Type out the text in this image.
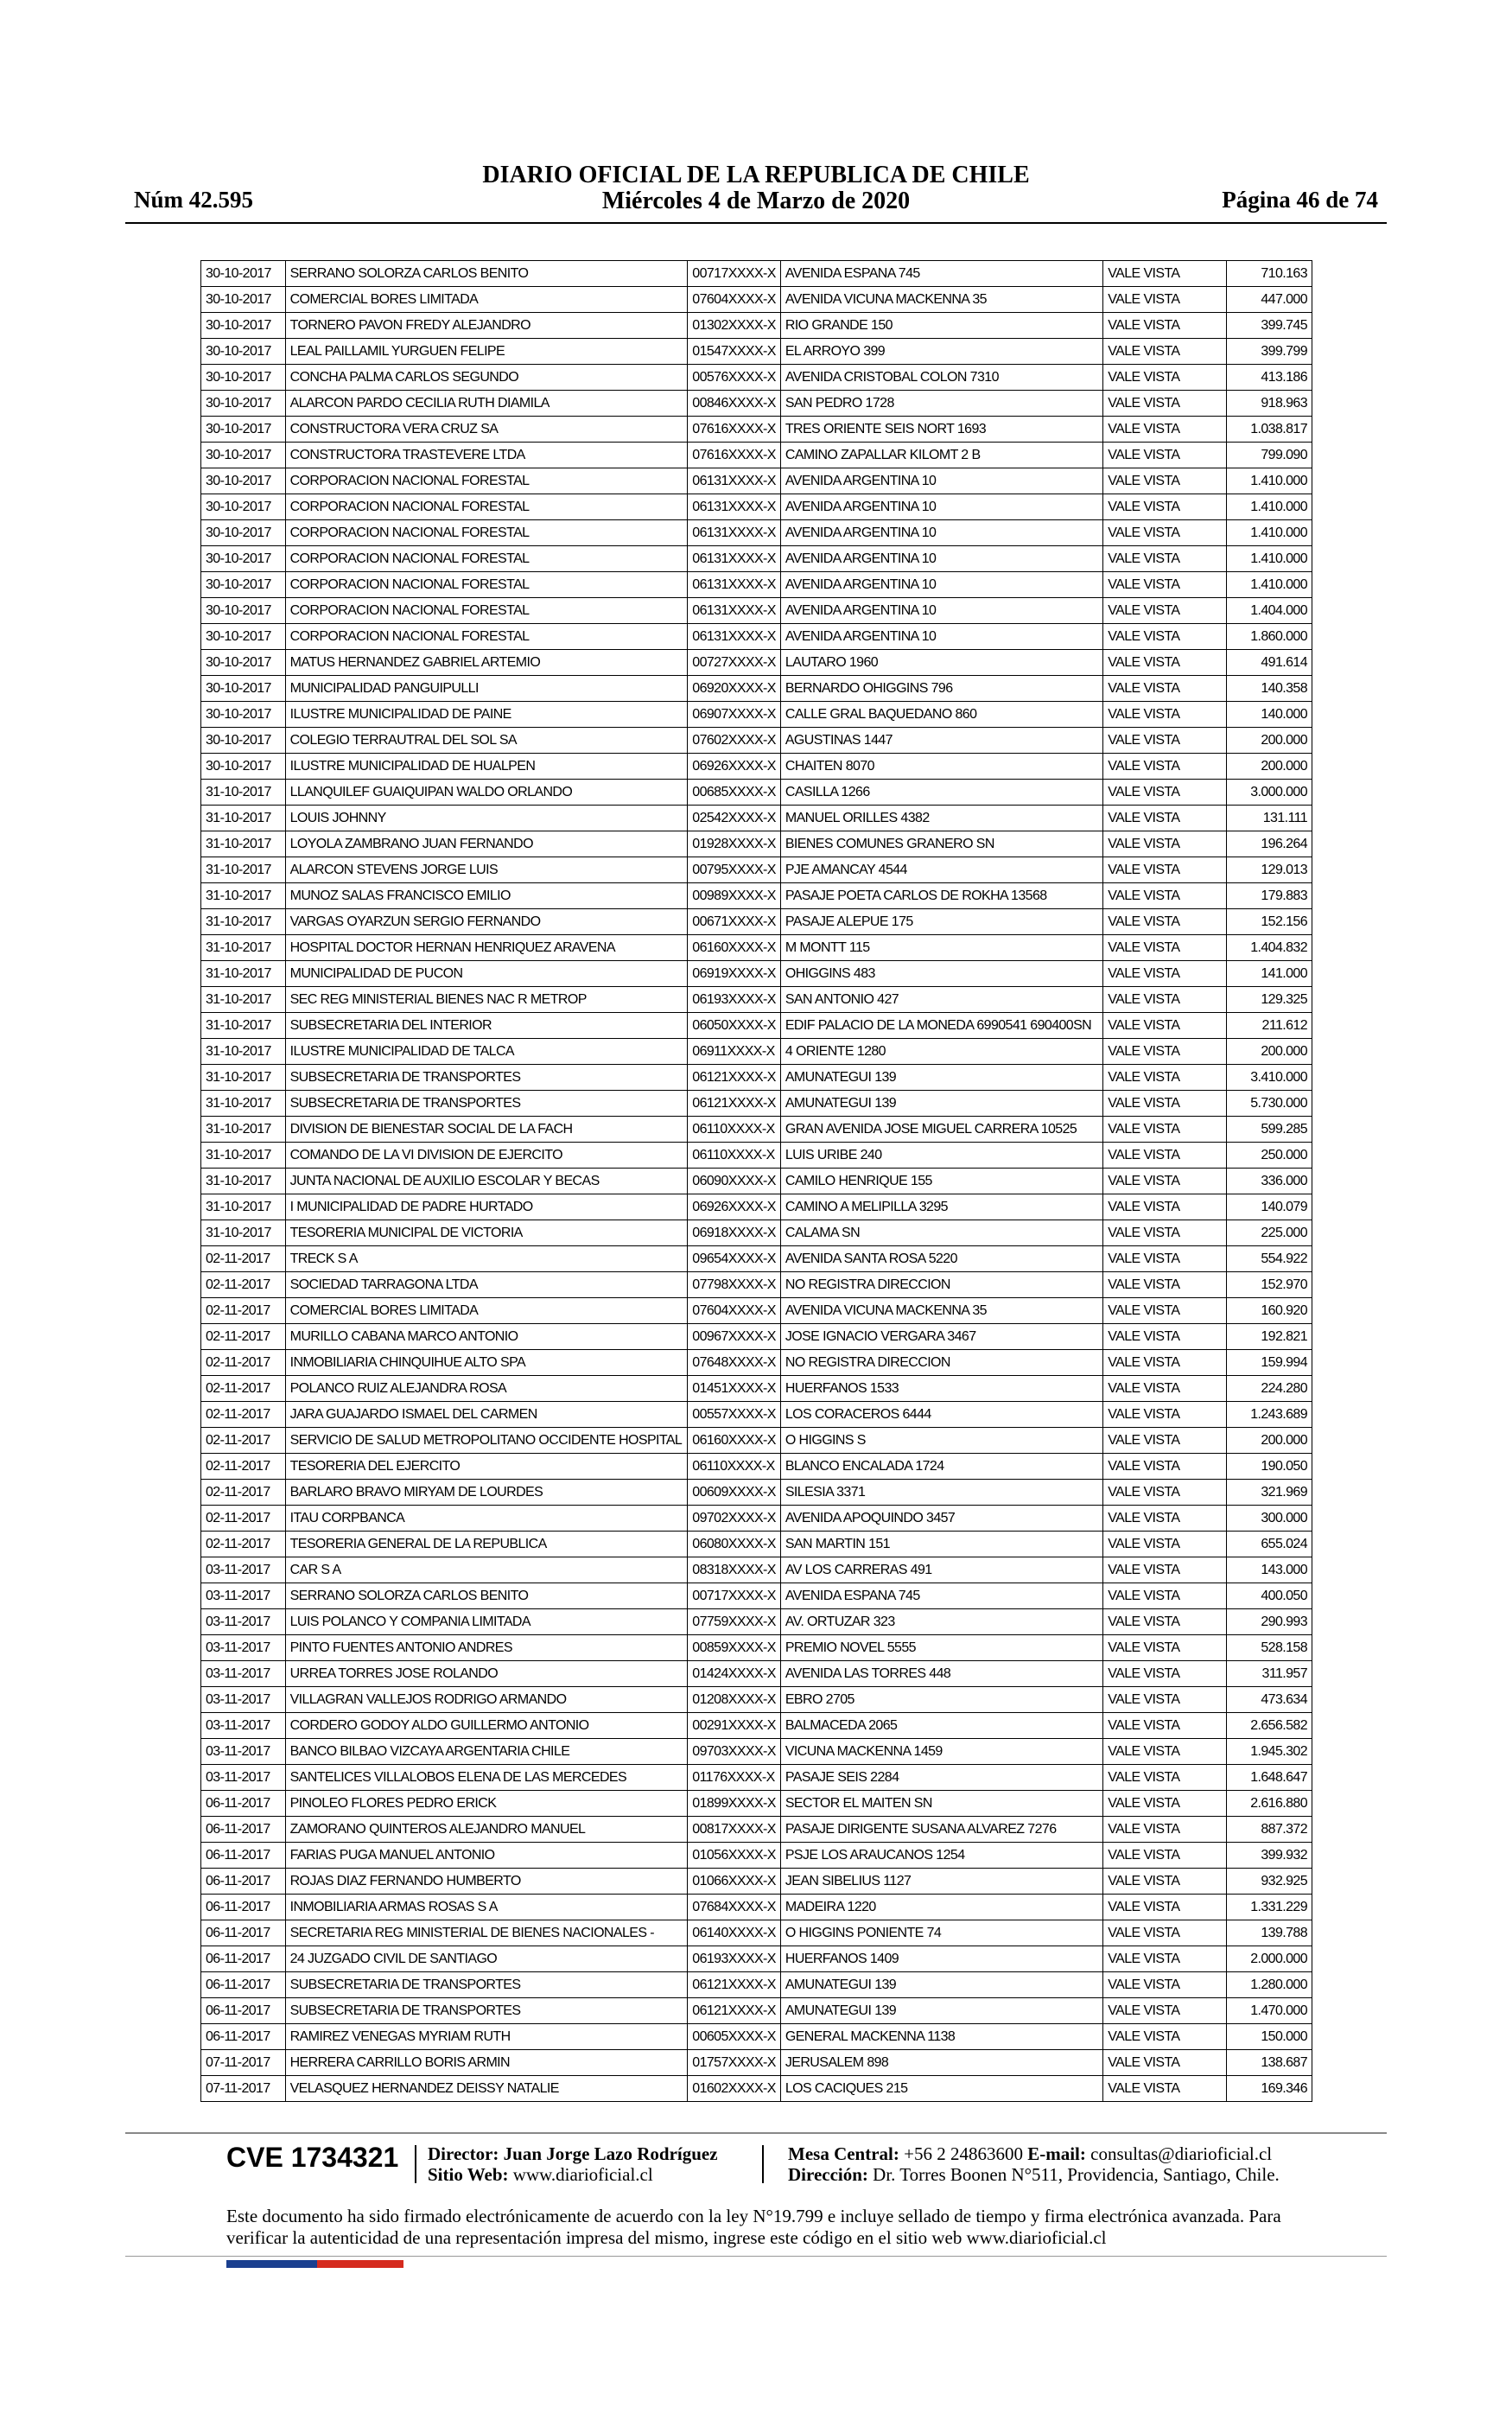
Núm 42.595
DIARIO OFICIAL DE LA REPUBLICA DE CHILE
Miércoles 4 de Marzo de 2020	Página 46 de 74
30-10-2017	SERRANO SOLORZA CARLOS BENITO	00717XXXX-X	AVENIDA ESPANA 745	VALE VISTA	710.163
30-10-2017	COMERCIAL BORES LIMITADA	07604XXXX-X	AVENIDA VICUNA MACKENNA 35	VALE VISTA	447.000
30-10-2017	TORNERO PAVON FREDY ALEJANDRO	01302XXXX-X	RIO GRANDE 150	VALE VISTA	399.745
30-10-2017	LEAL PAILLAMIL YURGUEN FELIPE	01547XXXX-X	EL ARROYO 399	VALE VISTA	399.799
30-10-2017	CONCHA PALMA CARLOS SEGUNDO	00576XXXX-X	AVENIDA CRISTOBAL COLON 7310	VALE VISTA	413.186
30-10-2017	ALARCON PARDO CECILIA RUTH DIAMILA	00846XXXX-X	SAN PEDRO 1728	VALE VISTA	918.963
30-10-2017	CONSTRUCTORA VERA CRUZ SA	07616XXXX-X	TRES ORIENTE SEIS NORT 1693	VALE VISTA	1.038.817
30-10-2017	CONSTRUCTORA TRASTEVERE LTDA	07616XXXX-X	CAMINO ZAPALLAR KILOMT 2 B	VALE VISTA	799.090
30-10-2017	CORPORACION NACIONAL FORESTAL	06131XXXX-X	AVENIDA ARGENTINA 10	VALE VISTA	1.410.000
30-10-2017	CORPORACION NACIONAL FORESTAL	06131XXXX-X	AVENIDA ARGENTINA 10	VALE VISTA	1.410.000
30-10-2017	CORPORACION NACIONAL FORESTAL	06131XXXX-X	AVENIDA ARGENTINA 10	VALE VISTA	1.410.000
30-10-2017	CORPORACION NACIONAL FORESTAL	06131XXXX-X	AVENIDA ARGENTINA 10	VALE VISTA	1.410.000
30-10-2017	CORPORACION NACIONAL FORESTAL	06131XXXX-X	AVENIDA ARGENTINA 10	VALE VISTA	1.410.000
30-10-2017	CORPORACION NACIONAL FORESTAL	06131XXXX-X	AVENIDA ARGENTINA 10	VALE VISTA	1.404.000
30-10-2017	CORPORACION NACIONAL FORESTAL	06131XXXX-X	AVENIDA ARGENTINA 10	VALE VISTA	1.860.000
30-10-2017	MATUS HERNANDEZ GABRIEL ARTEMIO	00727XXXX-X	LAUTARO 1960	VALE VISTA	491.614
30-10-2017	MUNICIPALIDAD PANGUIPULLI	06920XXXX-X	BERNARDO OHIGGINS 796	VALE VISTA	140.358
30-10-2017	ILUSTRE MUNICIPALIDAD DE PAINE	06907XXXX-X	CALLE GRAL BAQUEDANO 860	VALE VISTA	140.000
30-10-2017	COLEGIO TERRAUTRAL DEL SOL SA	07602XXXX-X	AGUSTINAS 1447	VALE VISTA	200.000
30-10-2017	ILUSTRE MUNICIPALIDAD DE HUALPEN	06926XXXX-X	CHAITEN 8070	VALE VISTA	200.000
31-10-2017	LLANQUILEF GUAIQUIPAN WALDO ORLANDO	00685XXXX-X	CASILLA 1266	VALE VISTA	3.000.000
31-10-2017	LOUIS JOHNNY	02542XXXX-X	MANUEL ORILLES 4382	VALE VISTA	131.111
31-10-2017	LOYOLA ZAMBRANO JUAN FERNANDO	01928XXXX-X	BIENES COMUNES GRANERO SN	VALE VISTA	196.264
31-10-2017	ALARCON STEVENS JORGE LUIS	00795XXXX-X	PJE AMANCAY 4544	VALE VISTA	129.013
31-10-2017	MUNOZ SALAS FRANCISCO EMILIO	00989XXXX-X	PASAJE POETA CARLOS DE ROKHA 13568	VALE VISTA	179.883
31-10-2017	VARGAS OYARZUN SERGIO FERNANDO	00671XXXX-X	PASAJE ALEPUE 175	VALE VISTA	152.156
31-10-2017	HOSPITAL DOCTOR HERNAN HENRIQUEZ ARAVENA	06160XXXX-X	M MONTT 115	VALE VISTA	1.404.832
31-10-2017	MUNICIPALIDAD DE PUCON	06919XXXX-X	OHIGGINS 483	VALE VISTA	141.000
31-10-2017	SEC REG MINISTERIAL BIENES NAC R METROP	06193XXXX-X	SAN ANTONIO 427	VALE VISTA	129.325
31-10-2017	SUBSECRETARIA DEL INTERIOR	06050XXXX-X	EDIF PALACIO DE LA MONEDA 6990541 690400SN	VALE VISTA	211.612
31-10-2017	ILUSTRE MUNICIPALIDAD DE TALCA	06911XXXX-X	4 ORIENTE 1280	VALE VISTA	200.000
31-10-2017	SUBSECRETARIA DE TRANSPORTES	06121XXXX-X	AMUNATEGUI 139	VALE VISTA	3.410.000
31-10-2017	SUBSECRETARIA DE TRANSPORTES	06121XXXX-X	AMUNATEGUI 139	VALE VISTA	5.730.000
31-10-2017	DIVISION DE BIENESTAR SOCIAL DE LA FACH	06110XXXX-X	GRAN AVENIDA JOSE MIGUEL CARRERA 10525	VALE VISTA	599.285
31-10-2017	COMANDO DE LA VI DIVISION DE EJERCITO	06110XXXX-X	LUIS URIBE 240	VALE VISTA	250.000
31-10-2017	JUNTA NACIONAL DE AUXILIO ESCOLAR Y BECAS	06090XXXX-X	CAMILO HENRIQUE 155	VALE VISTA	336.000
31-10-2017	I MUNICIPALIDAD DE PADRE HURTADO	06926XXXX-X	CAMINO A MELIPILLA 3295	VALE VISTA	140.079
31-10-2017	TESORERIA MUNICIPAL DE VICTORIA	06918XXXX-X	CALAMA SN	VALE VISTA	225.000
02-11-2017	TRECK S A	09654XXXX-X	AVENIDA SANTA ROSA 5220	VALE VISTA	554.922
02-11-2017	SOCIEDAD TARRAGONA LTDA	07798XXXX-X	NO REGISTRA DIRECCION	VALE VISTA	152.970
02-11-2017	COMERCIAL BORES LIMITADA	07604XXXX-X	AVENIDA VICUNA MACKENNA 35	VALE VISTA	160.920
02-11-2017	MURILLO CABANA MARCO ANTONIO	00967XXXX-X	JOSE IGNACIO VERGARA 3467	VALE VISTA	192.821
02-11-2017	INMOBILIARIA CHINQUIHUE ALTO SPA	07648XXXX-X	NO REGISTRA DIRECCION	VALE VISTA	159.994
02-11-2017	POLANCO RUIZ ALEJANDRA ROSA	01451XXXX-X	HUERFANOS 1533	VALE VISTA	224.280
02-11-2017	JARA GUAJARDO ISMAEL DEL CARMEN	00557XXXX-X	LOS CORACEROS 6444	VALE VISTA	1.243.689
02-11-2017	SERVICIO DE SALUD METROPOLITANO OCCIDENTE HOSPITAL	06160XXXX-X	O HIGGINS S	VALE VISTA	200.000
02-11-2017	TESORERIA DEL EJERCITO	06110XXXX-X	BLANCO ENCALADA 1724	VALE VISTA	190.050
02-11-2017	BARLARO BRAVO MIRYAM DE LOURDES	00609XXXX-X	SILESIA 3371	VALE VISTA	321.969
02-11-2017	ITAU CORPBANCA	09702XXXX-X	AVENIDA APOQUINDO 3457	VALE VISTA	300.000
02-11-2017	TESORERIA GENERAL DE LA REPUBLICA	06080XXXX-X	SAN MARTIN 151	VALE VISTA	655.024
03-11-2017	CAR S A	08318XXXX-X	AV LOS CARRERAS 491	VALE VISTA	143.000
03-11-2017	SERRANO SOLORZA CARLOS BENITO	00717XXXX-X	AVENIDA ESPANA 745	VALE VISTA	400.050
03-11-2017	LUIS POLANCO Y COMPANIA LIMITADA	07759XXXX-X	AV. ORTUZAR 323	VALE VISTA	290.993
03-11-2017	PINTO FUENTES ANTONIO ANDRES	00859XXXX-X	PREMIO NOVEL 5555	VALE VISTA	528.158
03-11-2017	URREA TORRES JOSE ROLANDO	01424XXXX-X	AVENIDA LAS TORRES 448	VALE VISTA	311.957
03-11-2017	VILLAGRAN VALLEJOS RODRIGO ARMANDO	01208XXXX-X	EBRO 2705	VALE VISTA	473.634
03-11-2017	CORDERO GODOY ALDO GUILLERMO ANTONIO	00291XXXX-X	BALMACEDA 2065	VALE VISTA	2.656.582
03-11-2017	BANCO BILBAO VIZCAYA ARGENTARIA CHILE	09703XXXX-X	VICUNA MACKENNA 1459	VALE VISTA	1.945.302
03-11-2017	SANTELICES VILLALOBOS ELENA DE LAS MERCEDES	01176XXXX-X	PASAJE SEIS 2284	VALE VISTA	1.648.647
06-11-2017	PINOLEO FLORES PEDRO ERICK	01899XXXX-X	SECTOR EL MAITEN SN	VALE VISTA	2.616.880
06-11-2017	ZAMORANO QUINTEROS ALEJANDRO MANUEL	00817XXXX-X	PASAJE DIRIGENTE SUSANA ALVAREZ 7276	VALE VISTA	887.372
06-11-2017	FARIAS PUGA MANUEL ANTONIO	01056XXXX-X	PSJE LOS ARAUCANOS 1254	VALE VISTA	399.932
06-11-2017	ROJAS DIAZ FERNANDO HUMBERTO	01066XXXX-X	JEAN SIBELIUS 1127	VALE VISTA	932.925
06-11-2017	INMOBILIARIA ARMAS ROSAS S A	07684XXXX-X	MADEIRA 1220	VALE VISTA	1.331.229
06-11-2017	SECRETARIA REG MINISTERIAL DE BIENES NACIONALES -	06140XXXX-X	O HIGGINS PONIENTE 74	VALE VISTA	139.788
06-11-2017	24 JUZGADO CIVIL DE SANTIAGO	06193XXXX-X	HUERFANOS 1409	VALE VISTA	2.000.000
06-11-2017	SUBSECRETARIA DE TRANSPORTES	06121XXXX-X	AMUNATEGUI 139	VALE VISTA	1.280.000
06-11-2017	SUBSECRETARIA DE TRANSPORTES	06121XXXX-X	AMUNATEGUI 139	VALE VISTA	1.470.000
06-11-2017	RAMIREZ VENEGAS MYRIAM RUTH	00605XXXX-X	GENERAL MACKENNA 1138	VALE VISTA	150.000
07-11-2017	HERRERA CARRILLO BORIS ARMIN	01757XXXX-X	JERUSALEM 898	VALE VISTA	138.687
07-11-2017	VELASQUEZ HERNANDEZ DEISSY NATALIE	01602XXXX-X	LOS CACIQUES 215	VALE VISTA	169.346
CVE 1734321 Director: Juan Jorge Lazo Rodríguez
Sitio Web: www.diarioficial.cl
Mesa Central: +56 2 24863600 E-mail: consultas@diarioficial.cl
Dirección: Dr. Torres Boonen N°511, Providencia, Santiago, Chile.
Este documento ha sido firmado electrónicamente de acuerdo con la ley N°19.799 e incluye sellado de tiempo y firma electrónica avanzada. Para verificar la autenticidad de una representación impresa del mismo, ingrese este código en el sitio web www.diarioficial.cl
